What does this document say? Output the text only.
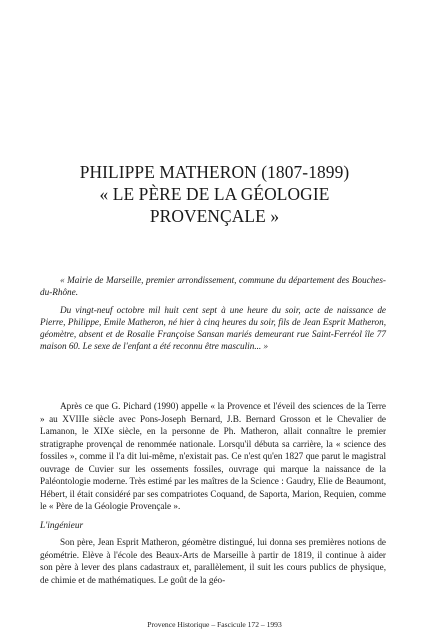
PHILIPPE MATHERON (1807-1899)
« LE PÈRE DE LA GÉOLOGIE
PROVENÇALE »

« Mairie de Marseille, premier arrondissement, commune du département des Bouches-du-Rhône.

Du vingt-neuf octobre mil huit cent sept à une heure du soir, acte de naissance de Pierre, Philippe, Emile Matheron, né hier à cinq heures du soir, fils de Jean Esprit Matheron, géomètre, absent et de Rosalie Françoise Sansan mariés demeurant rue Saint-Ferréol île 77 maison 60. Le sexe de l'enfant a été reconnu être masculin... »

Après ce que G. Pichard (1990) appelle « la Provence et l'éveil des sciences de la Terre » au XVIIIe siècle avec Pons-Joseph Bernard, J.B. Bernard Grosson et le Chevalier de Lamanon, le XIXe siècle, en la personne de Ph. Matheron, allait connaître le premier stratigraphe provençal de renommée nationale. Lorsqu'il débuta sa carrière, la « science des fossiles », comme il l'a dit lui-même, n'existait pas. Ce n'est qu'en 1827 que parut le magistral ouvrage de Cuvier sur les ossements fossiles, ouvrage qui marque la naissance de la Paléontologie moderne. Très estimé par les maîtres de la Science : Gaudry, Elie de Beaumont, Hébert, il était considéré par ses compatriotes Coquand, de Saporta, Marion, Requien, comme le « Père de la Géologie Provençale ».

L'ingénieur

Son père, Jean Esprit Matheron, géomètre distingué, lui donna ses premières notions de géométrie. Elève à l'école des Beaux-Arts de Marseille à partir de 1819, il continue à aider son père à lever des plans cadastraux et, parallèlement, il suit les cours publics de physique, de chimie et de mathématiques. Le goût de la géo-

Provence Historique – Fascicule 172 – 1993
